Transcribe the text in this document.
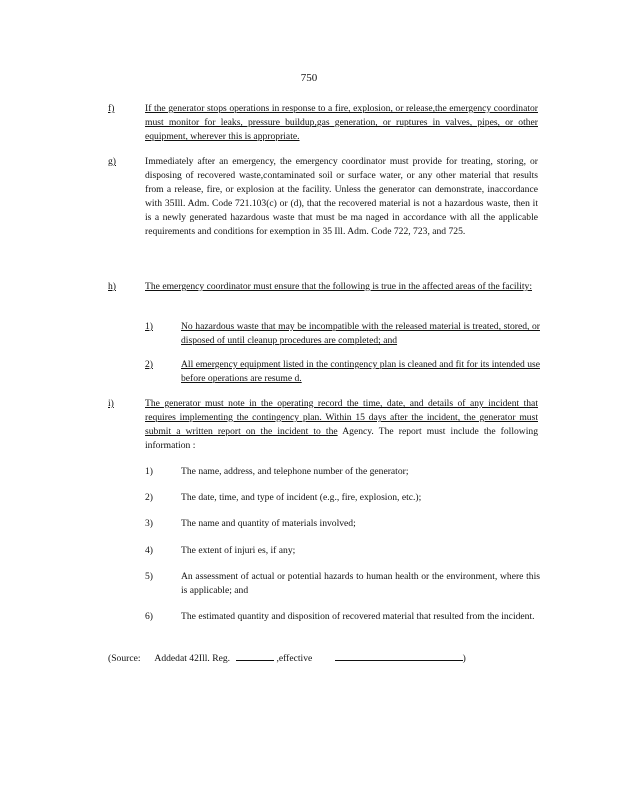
750
f)	If the generator stops operations in response to a fire, explosion, or release,the emergency coordinator must monitor for leaks, pressure buildup,gas generation, or ruptures in valves, pipes, or other equipment, wherever this is appropriate.
g)	Immediately after an emergency, the emergency coordinator must provide for treating, storing, or disposing of recovered waste,contaminated soil or surface water, or any other material that results from a release, fire, or explosion at the facility. Unless the generator can demonstrate, inaccordance with 35Ill. Adm. Code 721.103(c) or (d), that the recovered material is not a hazardous waste, then it is a newly generated hazardous waste that must be ma naged in accordance with all the applicable requirements and conditions for exemption in 35 Ill. Adm. Code 722, 723, and 725.
h)	The emergency coordinator must ensure that the following is true in the affected areas of the facility:
1)	No hazardous waste that may be incompatible with the released material is treated, stored, or disposed of until cleanup procedures are completed; and
2)	All emergency equipment listed in the contingency plan is cleaned and fit for its intended use before operations are resume d.
i)	The generator must note in the operating record the time, date, and details of any incident that requires implementing the contingency plan. Within 15 days after the incident, the generator must submit a written report on the incident to the Agency. The report must include the following information :
1)	The name, address, and telephone number of the generator;
2)	The date, time, and type of incident (e.g., fire, explosion, etc.);
3)	The name and quantity of materials involved;
4)	The extent of injuri es, if any;
5)	An assessment of actual or potential hazards to human health or the environment, where this is applicable; and
6)	The estimated quantity and disposition of recovered material that resulted from the incident.
(Source: Addedat 42Ill. Reg.	,effective	)
